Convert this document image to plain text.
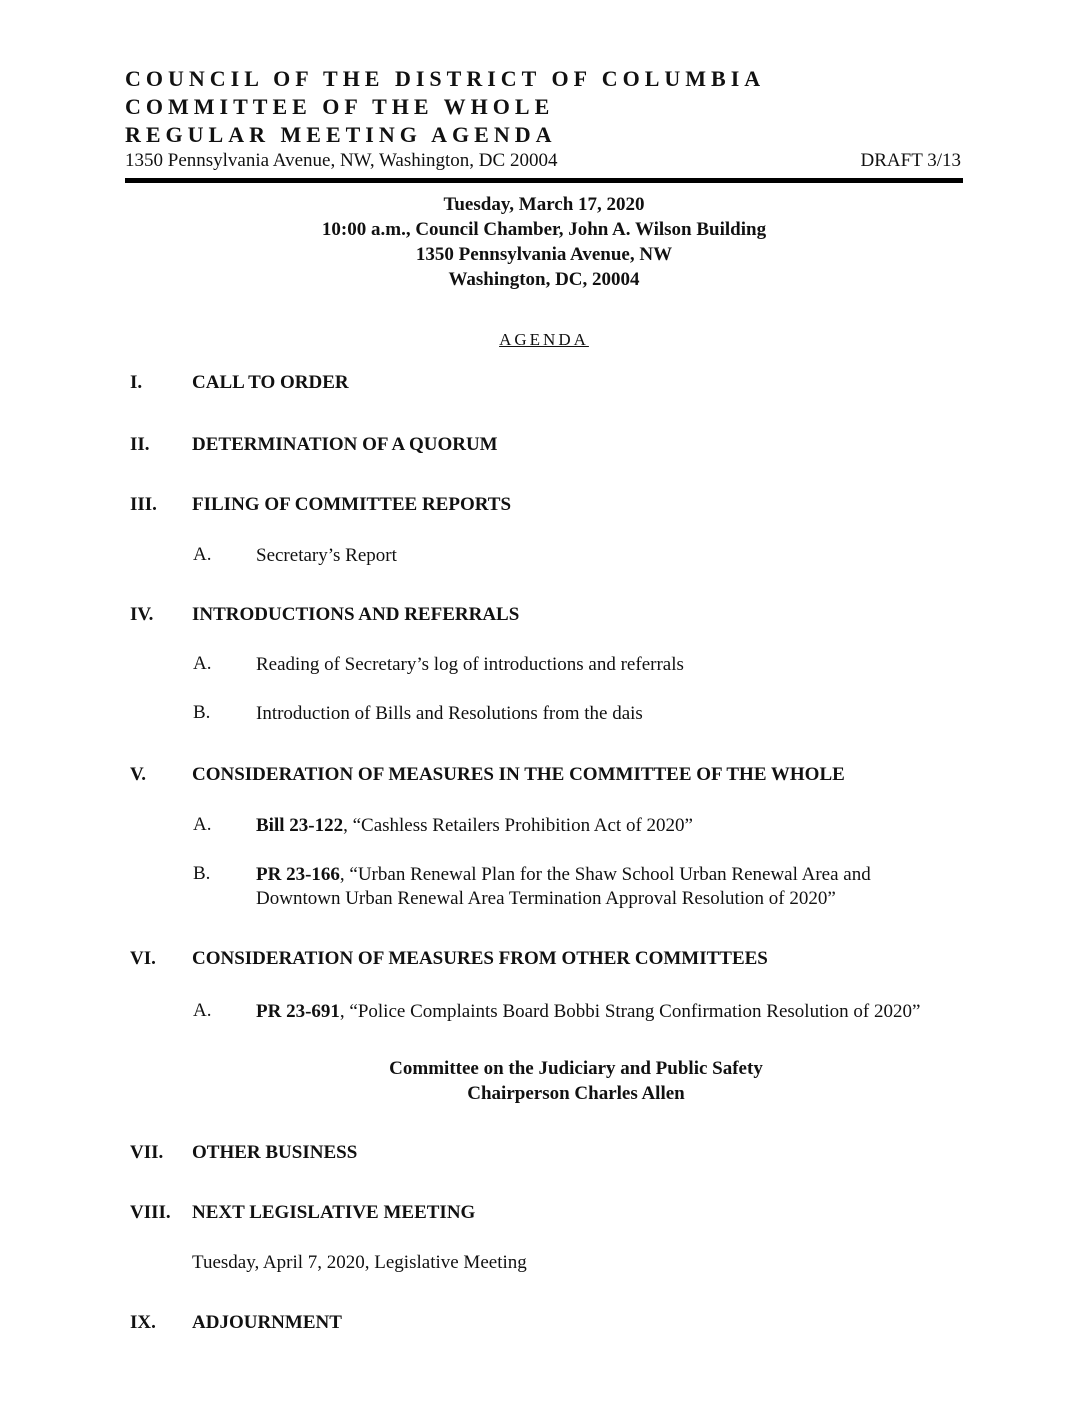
COUNCIL OF THE DISTRICT OF COLUMBIA
COMMITTEE OF THE WHOLE
REGULAR MEETING AGENDA
1350 Pennsylvania Avenue, NW, Washington, DC 20004	DRAFT 3/13
Tuesday, March 17, 2020
10:00 a.m., Council Chamber, John A. Wilson Building
1350 Pennsylvania Avenue, NW
Washington, DC, 20004
AGENDA
I.	CALL TO ORDER
II. DETERMINATION OF A QUORUM
III. FILING OF COMMITTEE REPORTS
A. Secretary’s Report
IV. INTRODUCTIONS AND REFERRALS
A. Reading of Secretary’s log of introductions and referrals
B. Introduction of Bills and Resolutions from the dais
V. CONSIDERATION OF MEASURES IN THE COMMITTEE OF THE WHOLE
A. Bill 23-122, “Cashless Retailers Prohibition Act of 2020”
B. PR 23-166, “Urban Renewal Plan for the Shaw School Urban Renewal Area and Downtown Urban Renewal Area Termination Approval Resolution of 2020”
VI. CONSIDERATION OF MEASURES FROM OTHER COMMITTEES
A. PR 23-691, “Police Complaints Board Bobbi Strang Confirmation Resolution of 2020”
Committee on the Judiciary and Public Safety
Chairperson Charles Allen
VII. OTHER BUSINESS
VIII. NEXT LEGISLATIVE MEETING
Tuesday, April 7, 2020, Legislative Meeting
IX. ADJOURNMENT
